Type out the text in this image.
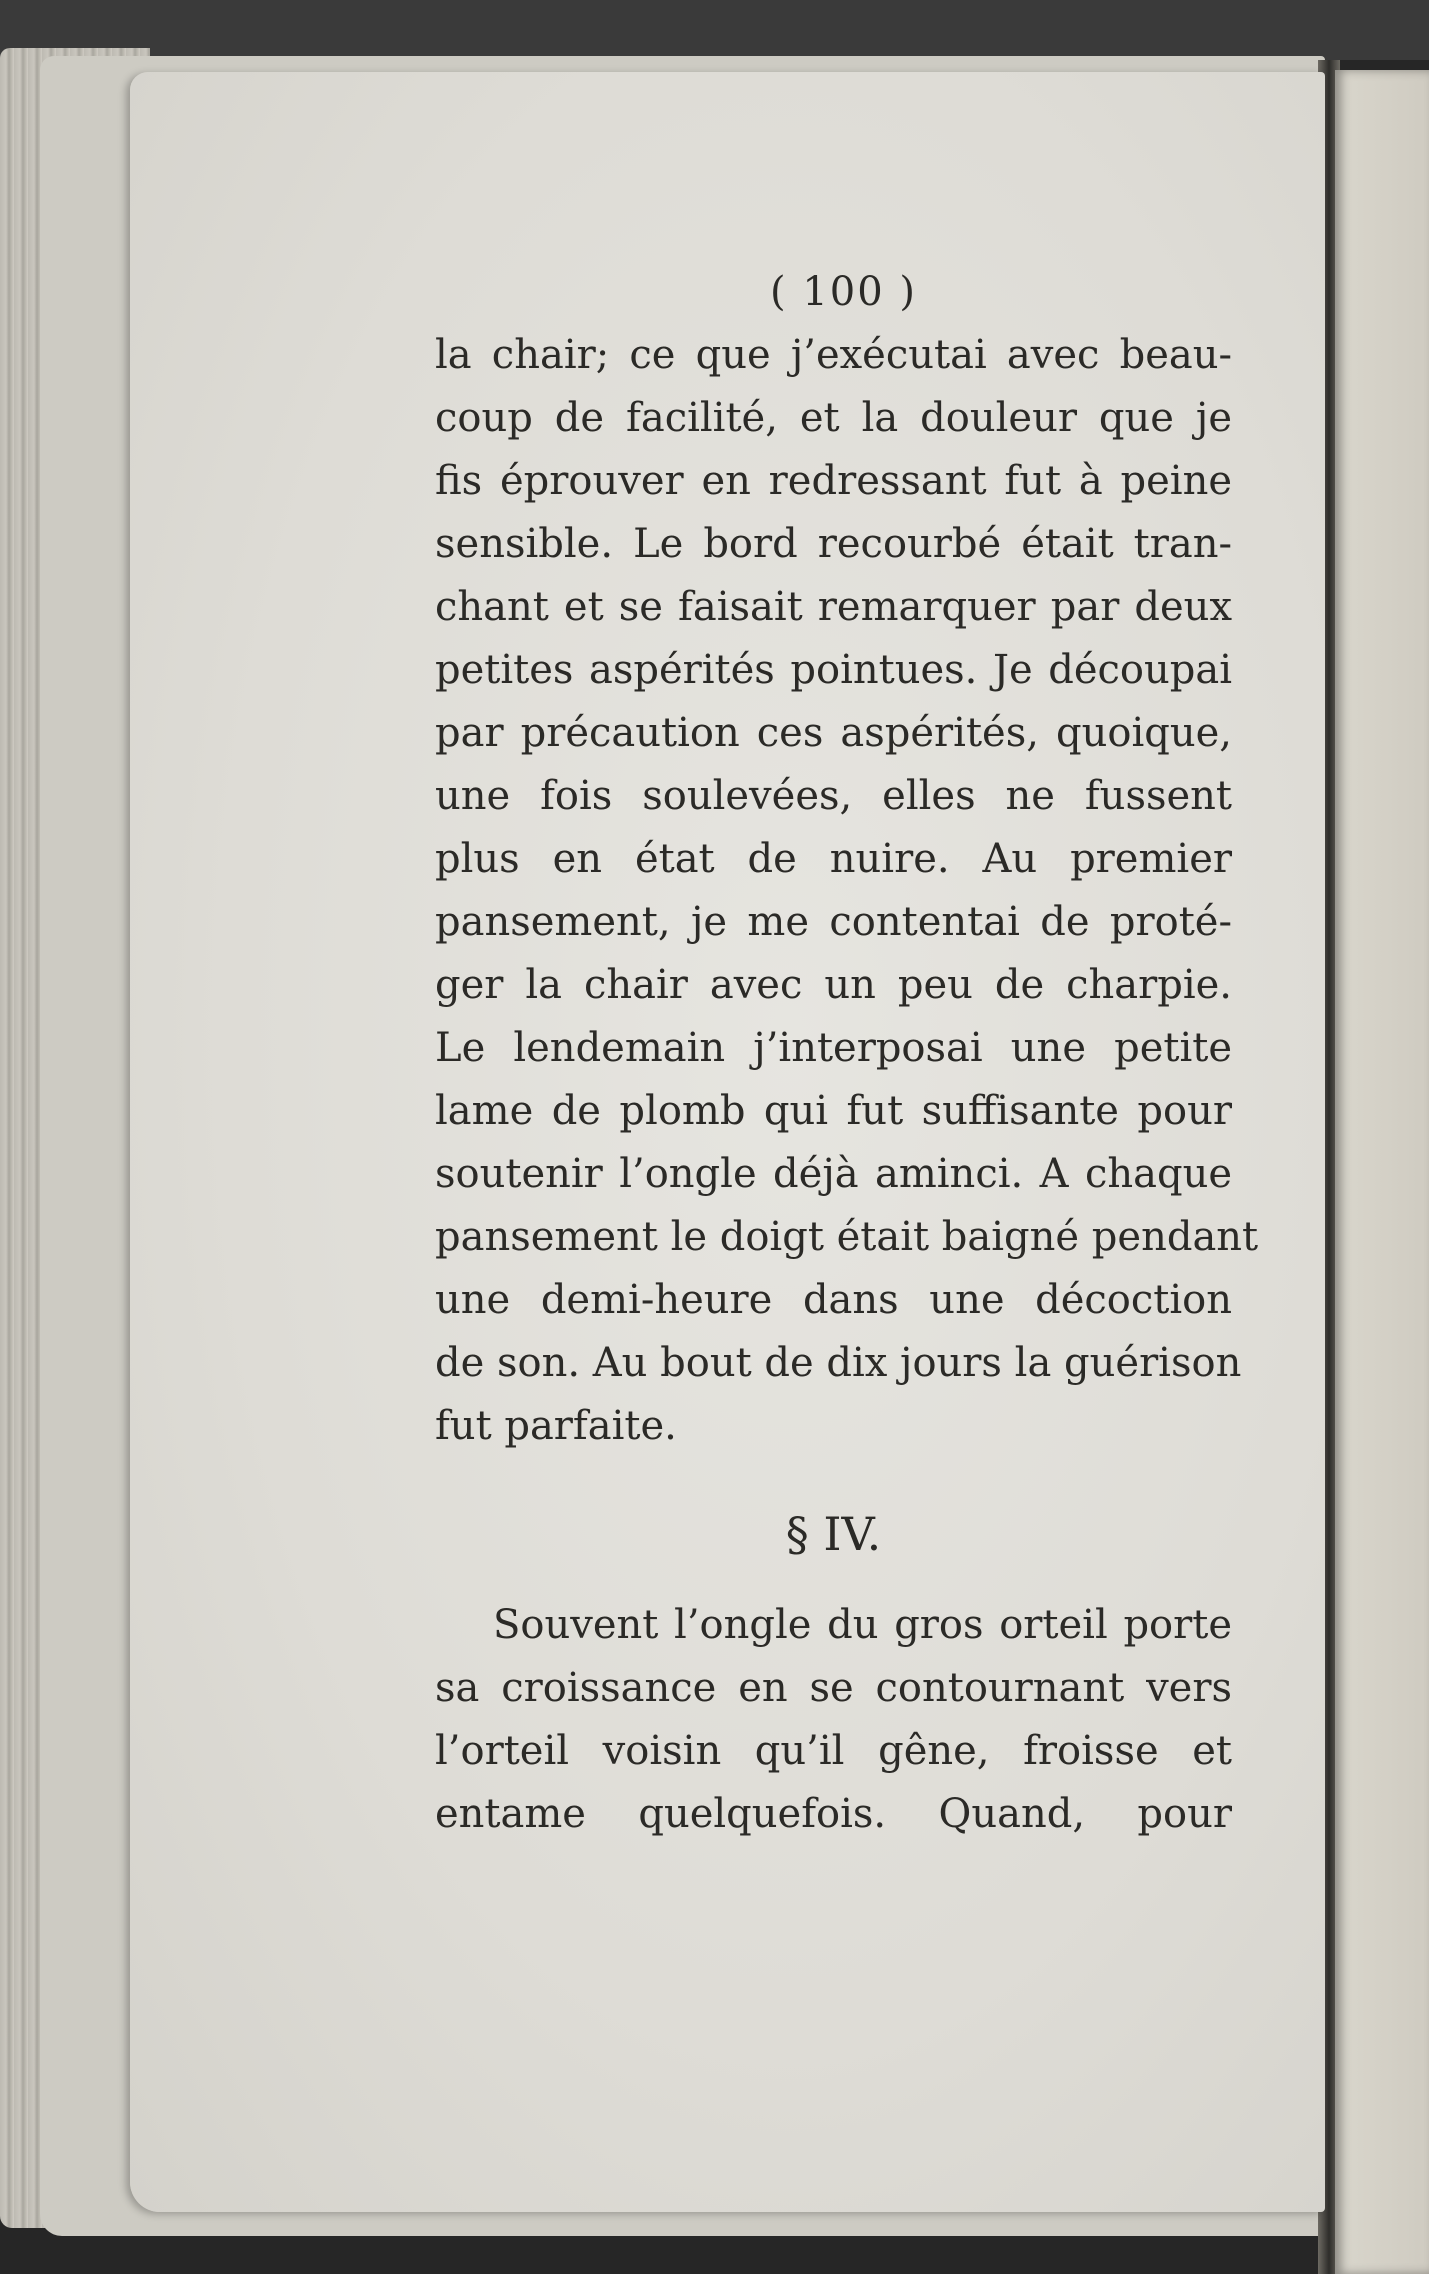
( 100 )
la chair; ce que j’exécutai avec beau-
coup de facilité, et la douleur que je
fis éprouver en redressant fut à peine
sensible. Le bord recourbé était tran-
chant et se faisait remarquer par deux
petites aspérités pointues. Je découpai
par précaution ces aspérités, quoique,
une fois soulevées, elles ne fussent
plus en état de nuire. Au premier
pansement, je me contentai de proté-
ger la chair avec un peu de charpie.
Le lendemain j’interposai une petite
lame de plomb qui fut suffisante pour
soutenir l’ongle déjà aminci. A chaque
pansement le doigt était baigné pendant
une demi-heure dans une décoction
de son. Au bout de dix jours la guérison
fut parfaite.
§ IV.
Souvent l’ongle du gros orteil porte
sa croissance en se contournant vers
l’orteil voisin qu’il gêne, froisse et
entame quelquefois. Quand, pour
